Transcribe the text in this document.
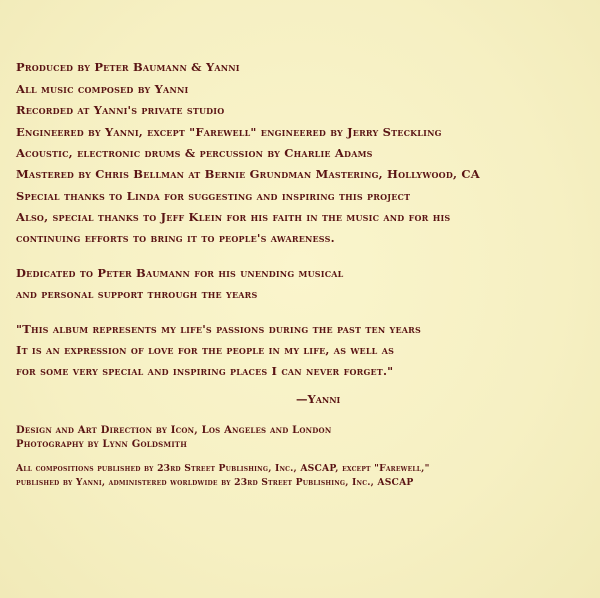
Produced by Peter Baumann & Yanni
All music composed by Yanni
Recorded at Yanni's private studio
Engineered by Yanni, except "Farewell" engineered by Jerry Steckling
Acoustic, electronic drums & percussion by Charlie Adams
Mastered by Chris Bellman at Bernie Grundman Mastering, Hollywood, CA
Special thanks to Linda for suggesting and inspiring this project
Also, special thanks to Jeff Klein for his faith in the music and for his
continuing efforts to bring it to people's awareness.
Dedicated to Peter Baumann for his unending musical
and personal support through the years
"This album represents my life's passions during the past ten years
It is an expression of love for the people in my life, as well as
for some very special and inspiring places I can never forget."
—Yanni
Design and Art Direction by Icon, Los Angeles and London
Photography by Lynn Goldsmith
All compositions published by 23rd Street Publishing, Inc., ASCAP, except "Farewell,"
published by Yanni, administered worldwide by 23rd Street Publishing, Inc., ASCAP
